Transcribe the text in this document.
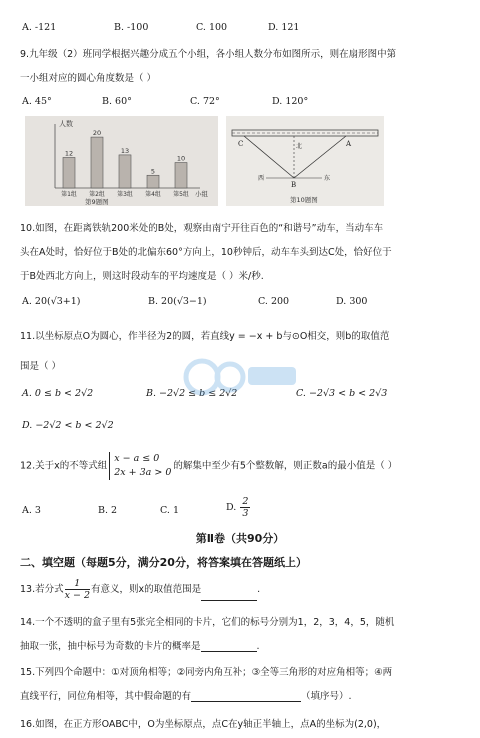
A. -121	B. -100	C. 100	D. 121
9.九年级（2）班同学根据兴趣分成五个小组，各小组人数分布如图所示，则在扇形图中第
一小组对应的圆心角度数是（ ）
A. 45°	B. 60°	C. 72°	D. 120°
人数
小组
第9题图
12
第1组
20
第2组
13
第3组
5
第4组
10
第5组
C	A
B
北
西	东
第10题图
10.如图，在距离铁轨200米处的B处，观察由南宁开往百色的“和谐号”动车，当动车车
头在A处时，恰好位于B处的北偏东60°方向上，10秒钟后，动车车头到达C处，恰好位于
于B处西北方向上，则这时段动车的平均速度是（ ）米/秒.
A. 20(√3+1)	B. 20(√3−1)	C. 200	D. 300
11.以坐标原点O为圆心，作半径为2的圆，若直线y = −x + b与⊙O相交，则b的取值范
围是（ ）
A. 0 ≤ b < 2√2	B. −2√2 ≤ b ≤ 2√2	C. −2√3 < b < 2√3
D. −2√2 < b < 2√2
12.关于x的不等式组
x − a ≤ 0
2x + 3a > 0
的解集中至少有5个整数解，则正数a的最小值是（ ）
A. 3	B. 2	C. 1	D. $\frac{2}{3}$
第Ⅱ卷（共90分）
二、填空题（每题5分，满分20分，将答案填在答题纸上）
13.若分式 $\frac{1}{x - 2}$ 有意义，则x的取值范围是	.
14.一个不透明的盒子里有5张完全相同的卡片，它们的标号分别为1，2，3，4，5，随机
抽取一张，抽中标号为奇数的卡片的概率是	.
15.下列四个命题中：①对顶角相等；②同旁内角互补；③全等三角形的对应角相等；④两
直线平行，同位角相等，其中假命题的有	（填序号）.
16.如图，在正方形OABC中，O为坐标原点，点C在y轴正半轴上，点A的坐标为(2,0)，
